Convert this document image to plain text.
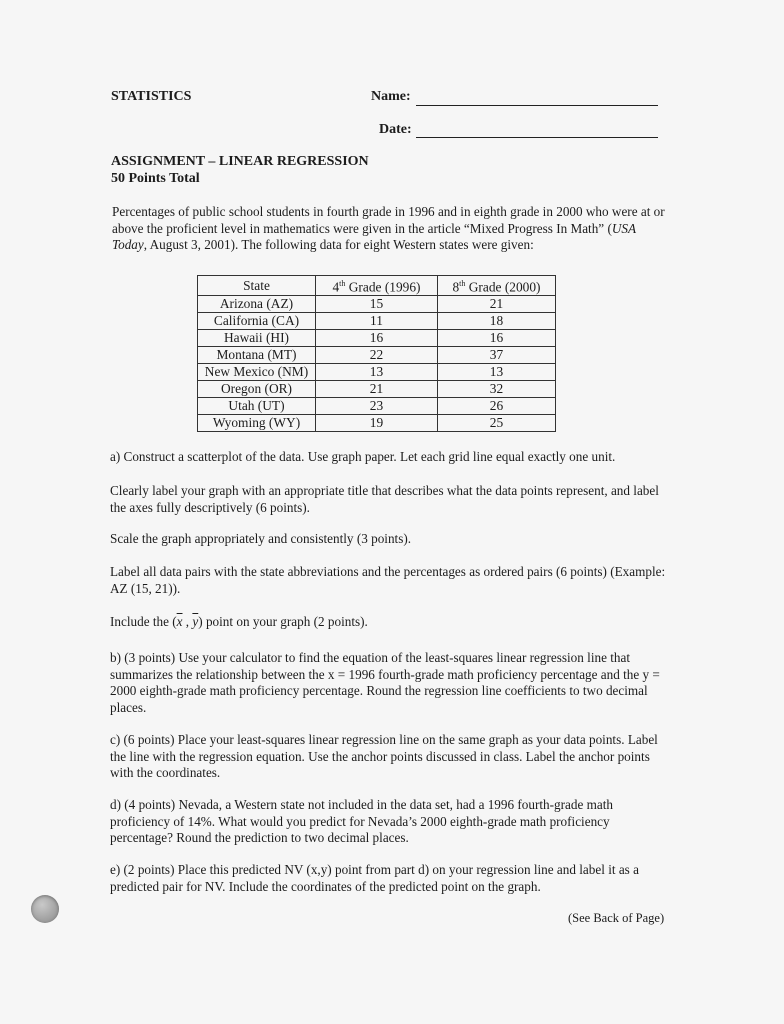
STATISTICS	Name:
Date:
ASSIGNMENT – LINEAR REGRESSION
50 Points Total
Percentages of public school students in fourth grade in 1996 and in eighth grade in 2000 who were at or above the proficient level in mathematics were given in the article “Mixed Progress In Math” (USA Today, August 3, 2001). The following data for eight Western states were given:
State	4th Grade (1996)	8th Grade (2000)
Arizona (AZ)	15	21
California (CA)	11	18
Hawaii (HI)	16	16
Montana (MT)	22	37
New Mexico (NM)	13	13
Oregon (OR)	21	32
Utah (UT)	23	26
Wyoming (WY)	19	25
a) Construct a scatterplot of the data. Use graph paper. Let each grid line equal exactly one unit.
Clearly label your graph with an appropriate title that describes what the data points represent, and label the axes fully descriptively (6 points).
Scale the graph appropriately and consistently (3 points).
Label all data pairs with the state abbreviations and the percentages as ordered pairs (6 points) (Example: AZ (15, 21)).
Include the ($\overline{x}$ , $\overline{y}$) point on your graph (2 points).
b) (3 points) Use your calculator to find the equation of the least-squares linear regression line that summarizes the relationship between the x = 1996 fourth-grade math proficiency percentage and the y = 2000 eighth-grade math proficiency percentage. Round the regression line coefficients to two decimal places.
c) (6 points) Place your least-squares linear regression line on the same graph as your data points. Label the line with the regression equation. Use the anchor points discussed in class. Label the anchor points with the coordinates.
d) (4 points) Nevada, a Western state not included in the data set, had a 1996 fourth-grade math proficiency of 14%. What would you predict for Nevada’s 2000 eighth-grade math proficiency percentage? Round the prediction to two decimal places.
e) (2 points) Place this predicted NV (x,y) point from part d) on your regression line and label it as a predicted pair for NV. Include the coordinates of the predicted point on the graph.
(See Back of Page)
